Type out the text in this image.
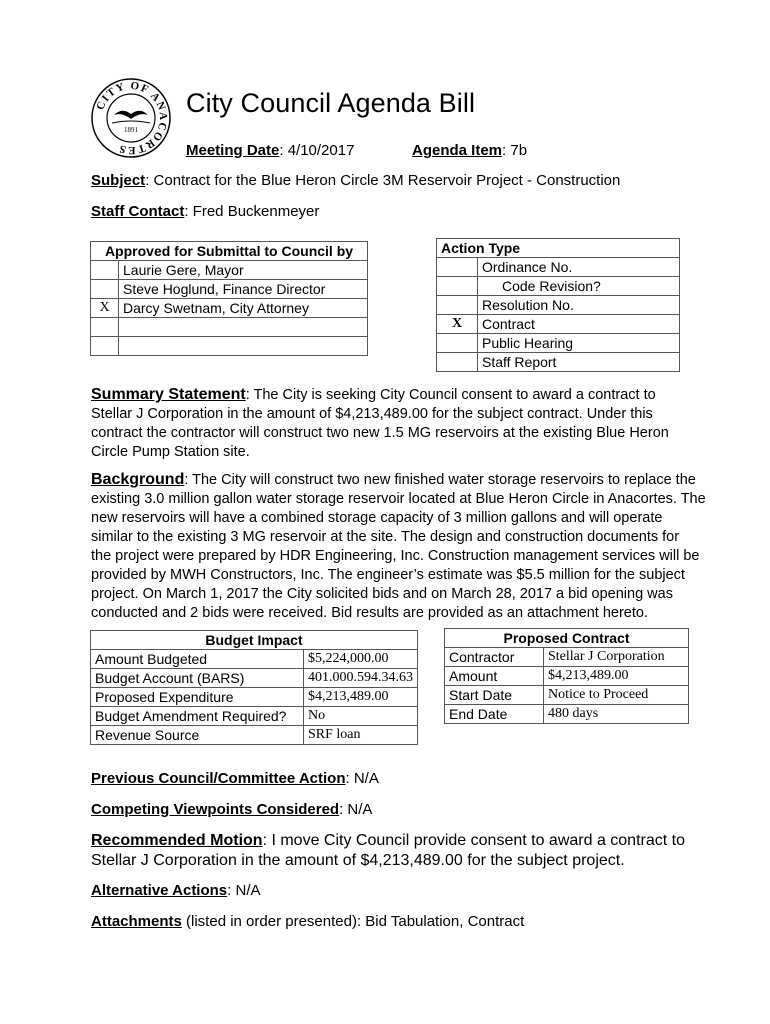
CITY OF ANACORTES
1891
City Council Agenda Bill
Meeting Date: 4/10/2017	Agenda Item: 7b
Subject: Contract for the Blue Heron Circle 3M Reservoir Project - Construction
Staff Contact: Fred Buckenmeyer
Approved for Submittal to Council by	
	Laurie Gere, Mayor
	Steve Hoglund, Finance Director
X	Darcy Swetnam, City Attorney

Action Type	
	Ordinance No.
	Code Revision?
	Resolution No.
X	Contract
	Public Hearing
	Staff Report

Summary Statement: The City is seeking City Council consent to award a contract to

Stellar J Corporation in the amount of $4,213,489.00 for the subject contract. Under this

contract the contractor will construct two new 1.5 MG reservoirs at the existing Blue Heron

Circle Pump Station site.

Background: The City will construct two new finished water storage reservoirs to replace the

existing 3.0 million gallon water storage reservoir located at Blue Heron Circle in Anacortes. The

new reservoirs will have a combined storage capacity of 3 million gallons and will operate

similar to the existing 3 MG reservoir at the site. The design and construction documents for

the project were prepared by HDR Engineering, Inc. Construction management services will be

provided by MWH Constructors, Inc. The engineer’s estimate was $5.5 million for the subject

project. On March 1, 2017 the City solicited bids and on March 28, 2017 a bid opening was

conducted and 2 bids were received. Bid results are provided as an attachment hereto.

Budget Impact	
Amount Budgeted	$5,224,000.00
Budget Account (BARS)	401.000.594.34.63
Proposed Expenditure	$4,213,489.00
Budget Amendment Required?	No
Revenue Source	SRF loan
Proposed Contract	
Contractor	Stellar J Corporation
Amount	$4,213,489.00
Start Date	Notice to Proceed
End Date	480 days
Previous Council/Committee Action: N/A
Competing Viewpoints Considered: N/A
Recommended Motion: I move City Council provide consent to award a contract to
Stellar J Corporation in the amount of $4,213,489.00 for the subject project.
Alternative Actions: N/A
Attachments (listed in order presented): Bid Tabulation, Contract
